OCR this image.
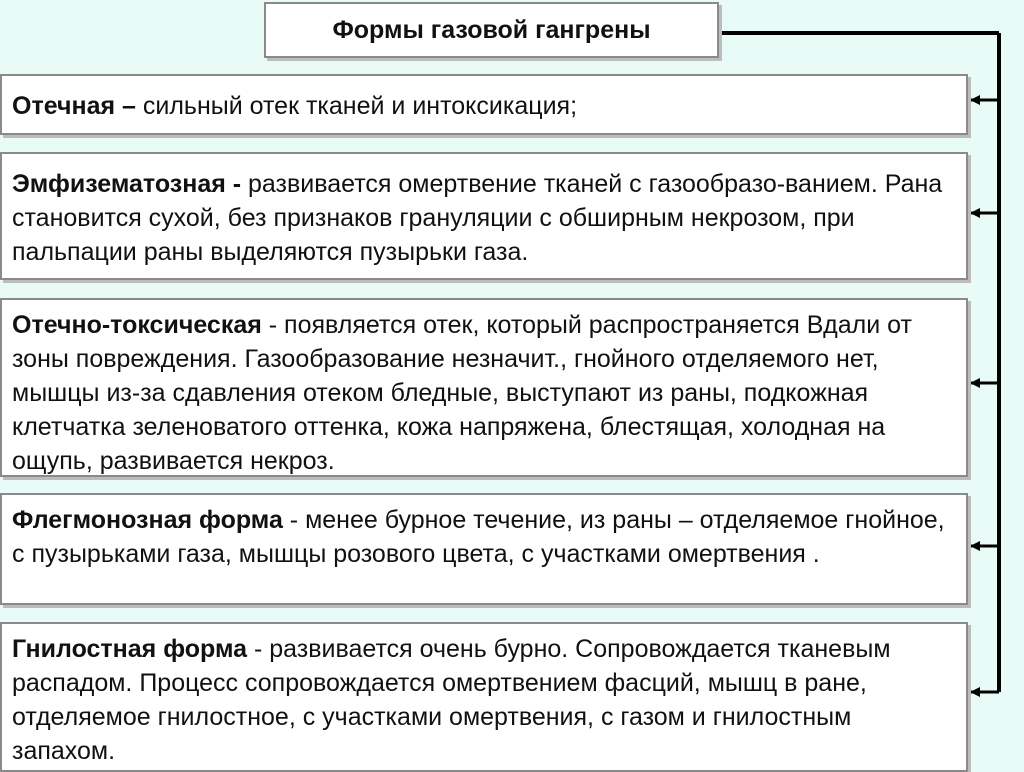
Формы газовой гангрены
Отечная – сильный отек тканей и интоксикация;
Эмфизематозная - развивается омертвение тканей с газообразо-ванием. Рана становится сухой, без признаков грануляции с обширным некрозом, при пальпации раны выделяются пузырьки газа.
Отечно-токсическая - появляется отек, который распространяется Вдали от зоны повреждения. Газообразование незначит., гнойного отделяемого нет, мышцы из-за сдавления отеком бледные, выступают из раны, подкожная клетчатка зеленоватого оттенка, кожа напряжена, блестящая, холодная на ощупь, развивается некроз.
Флегмонозная форма - менее бурное течение, из раны – отделяемое гнойное, с пузырьками газа, мышцы розового цвета, с участками омертвения .
Гнилостная форма - развивается очень бурно. Сопровождается тканевым распадом. Процесс сопровождается омертвением фасций, мышц в ране, отделяемое гнилостное, с участками омертвения, с газом и гнилостным запахом.
